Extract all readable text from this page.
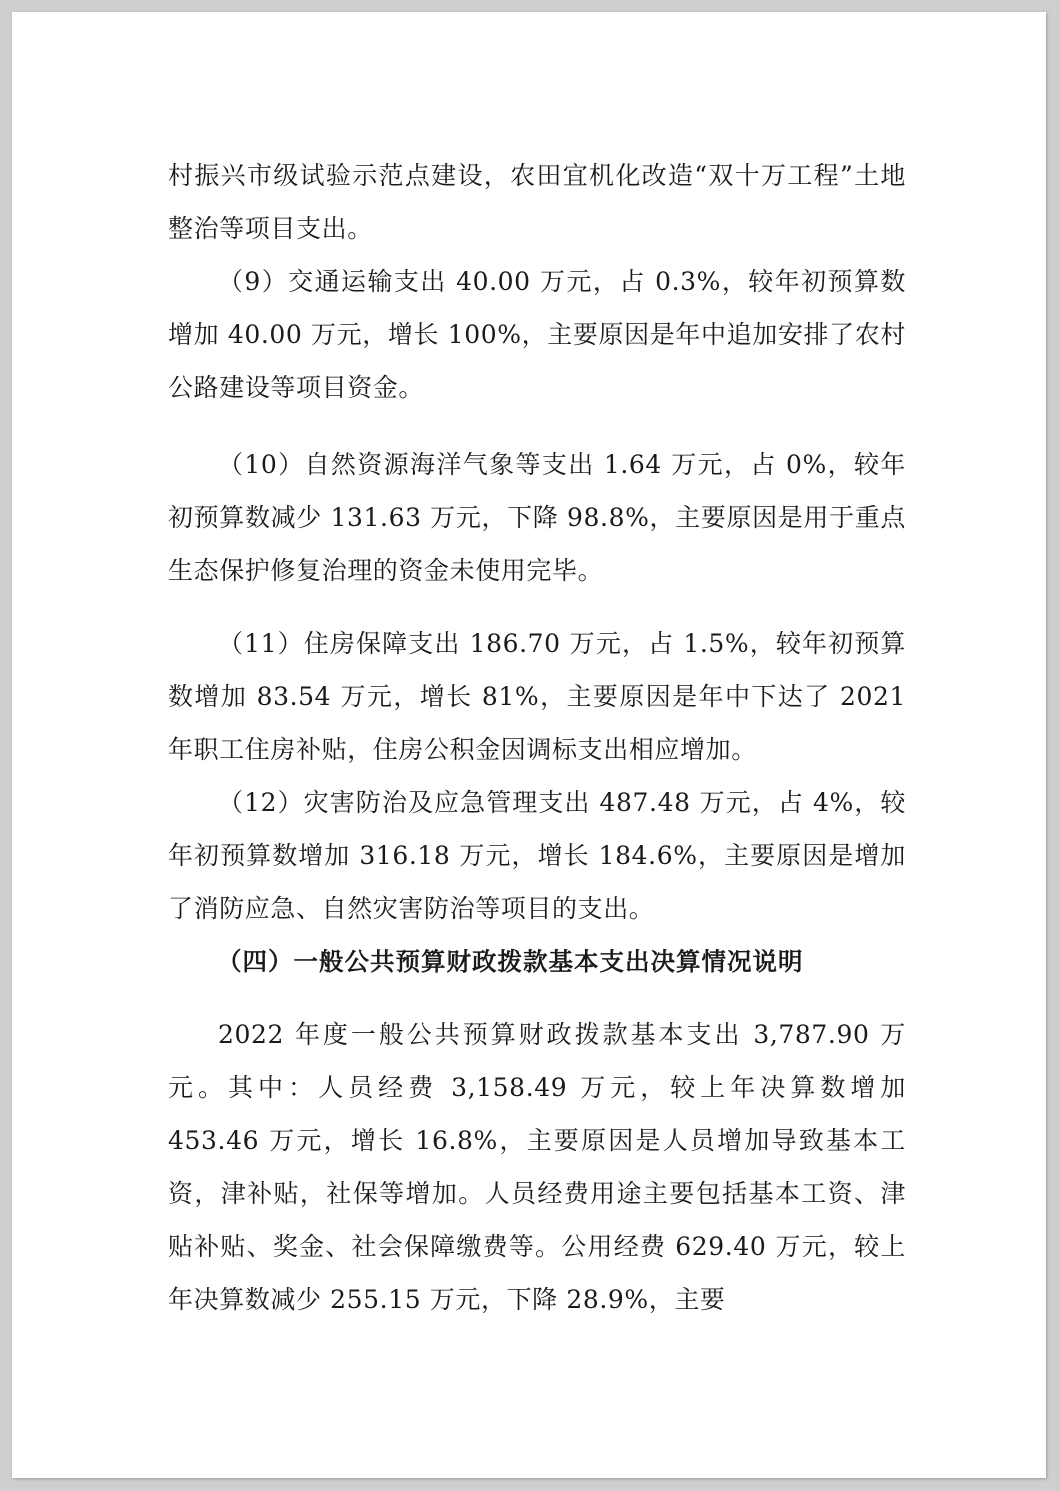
村振兴市级试验示范点建设，农田宜机化改造“双十万工程”土地整治等项目支出。

（9）交通运输支出 40.00 万元，占 0.3%，较年初预算数增加 40.00 万元，增长 100%，主要原因是年中追加安排了农村公路建设等项目资金。

（10）自然资源海洋气象等支出 1.64 万元，占 0%，较年初预算数减少 131.63 万元，下降 98.8%，主要原因是用于重点生态保护修复治理的资金未使用完毕。

（11）住房保障支出 186.70 万元，占 1.5%，较年初预算数增加 83.54 万元，增长 81%，主要原因是年中下达了 2021 年职工住房补贴，住房公积金因调标支出相应增加。

（12）灾害防治及应急管理支出 487.48 万元，占 4%，较年初预算数增加 316.18 万元，增长 184.6%，主要原因是增加了消防应急、自然灾害防治等项目的支出。

（四）一般公共预算财政拨款基本支出决算情况说明

2022 年度一般公共预算财政拨款基本支出 3,787.90 万元。其中：人员经费 3,158.49 万元，较上年决算数增加 453.46 万元，增长 16.8%，主要原因是人员增加导致基本工资，津补贴，社保等增加。人员经费用途主要包括基本工资、津贴补贴、奖金、社会保障缴费等。公用经费 629.40 万元，较上年决算数减少 255.15 万元，下降 28.9%，主要
